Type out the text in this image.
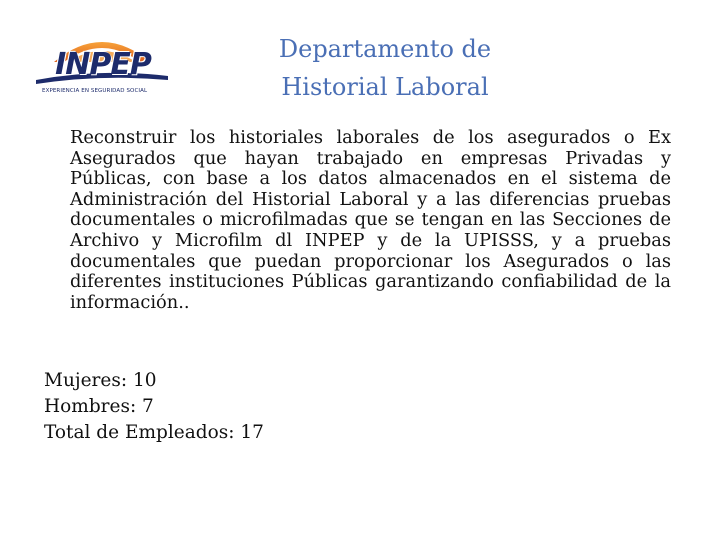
INPEP
EXPERIENCIA EN SEGURIDAD SOCIAL
Departamento de
Historial Laboral

Reconstruir los historiales laborales de los asegurados o Ex Asegurados que hayan trabajado en empresas Privadas y Públicas, con base a los datos almacenados en el sistema de Administración del Historial Laboral y a las diferencias pruebas documentales o microfilmadas que se tengan en las Secciones de Archivo y Microfilm dl INPEP y de la UPISSS, y a pruebas documentales que puedan proporcionar los Asegurados o las diferentes instituciones Públicas garantizando confiabilidad de la información..

Mujeres: 10
Hombres: 7
Total de Empleados: 17
